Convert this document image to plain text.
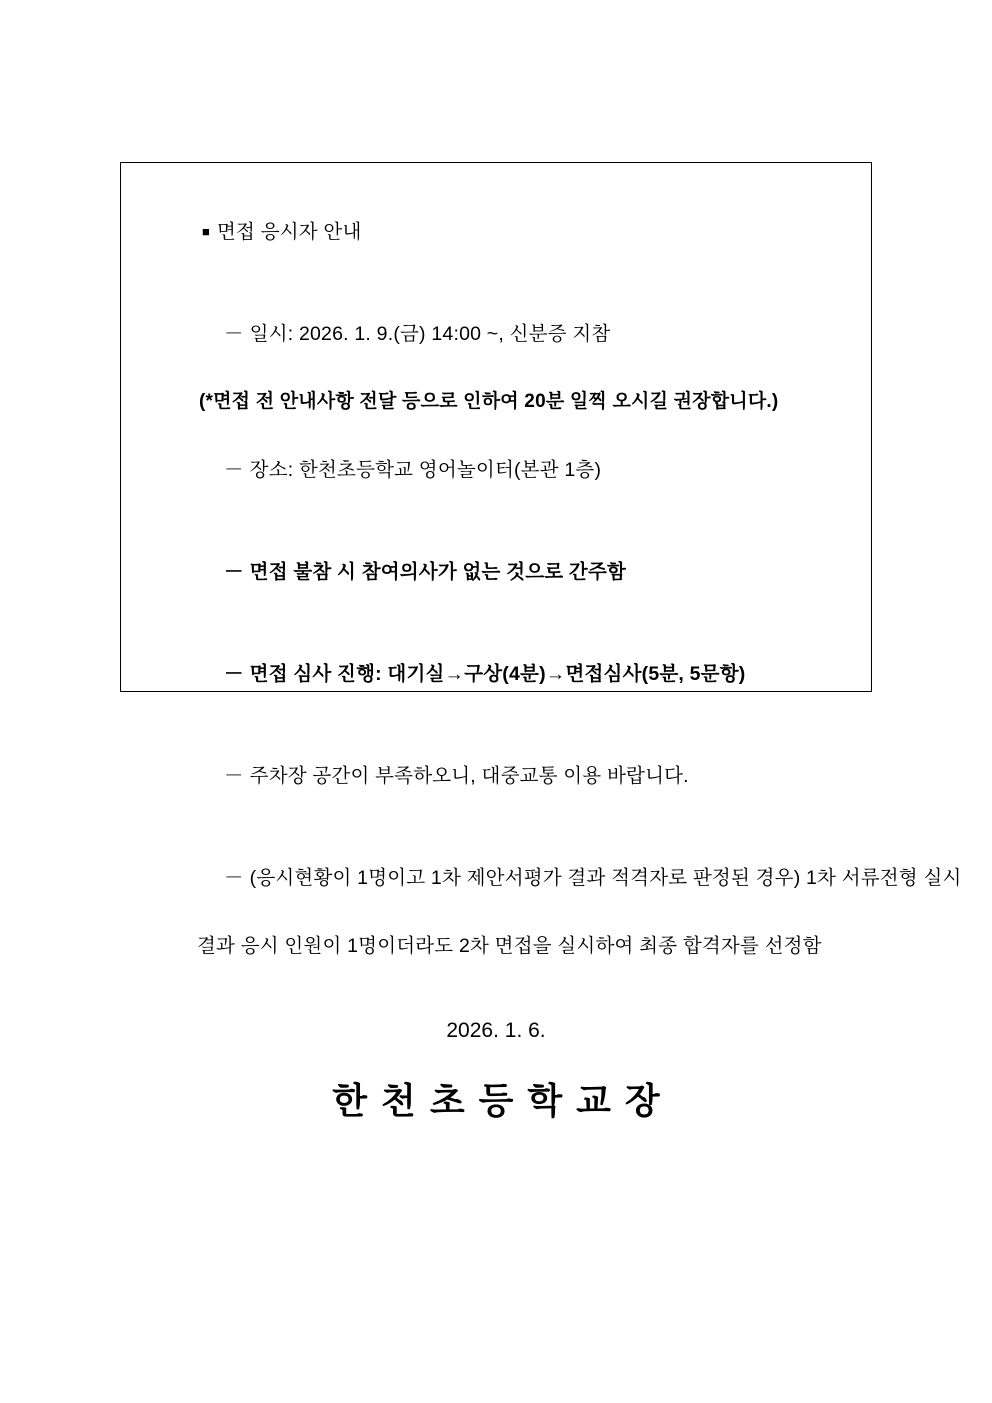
■ 면접 응시자 안내

－ 일시: 2026. 1. 9.(금) 14:00 ~, 신분증 지참

(*면접 전 안내사항 전달 등으로 인하여 20분 일찍 오시길 권장합니다.)

－ 장소: 한천초등학교 영어놀이터(본관 1층)

－ 면접 불참 시 참여의사가 없는 것으로 간주함

－ 면접 심사 진행: 대기실→구상(4분)→면접심사(5분, 5문항)

－ 주차장 공간이 부족하오니, 대중교통 이용 바랍니다.

－ (응시현황이 1명이고 1차 제안서평가 결과 적격자로 판정된 경우) 1차 서류전형 실시

결과 응시 인원이 1명이더라도 2차 면접을 실시하여 최종 합격자를 선정함
2026. 1. 6.
한천초등학교장
